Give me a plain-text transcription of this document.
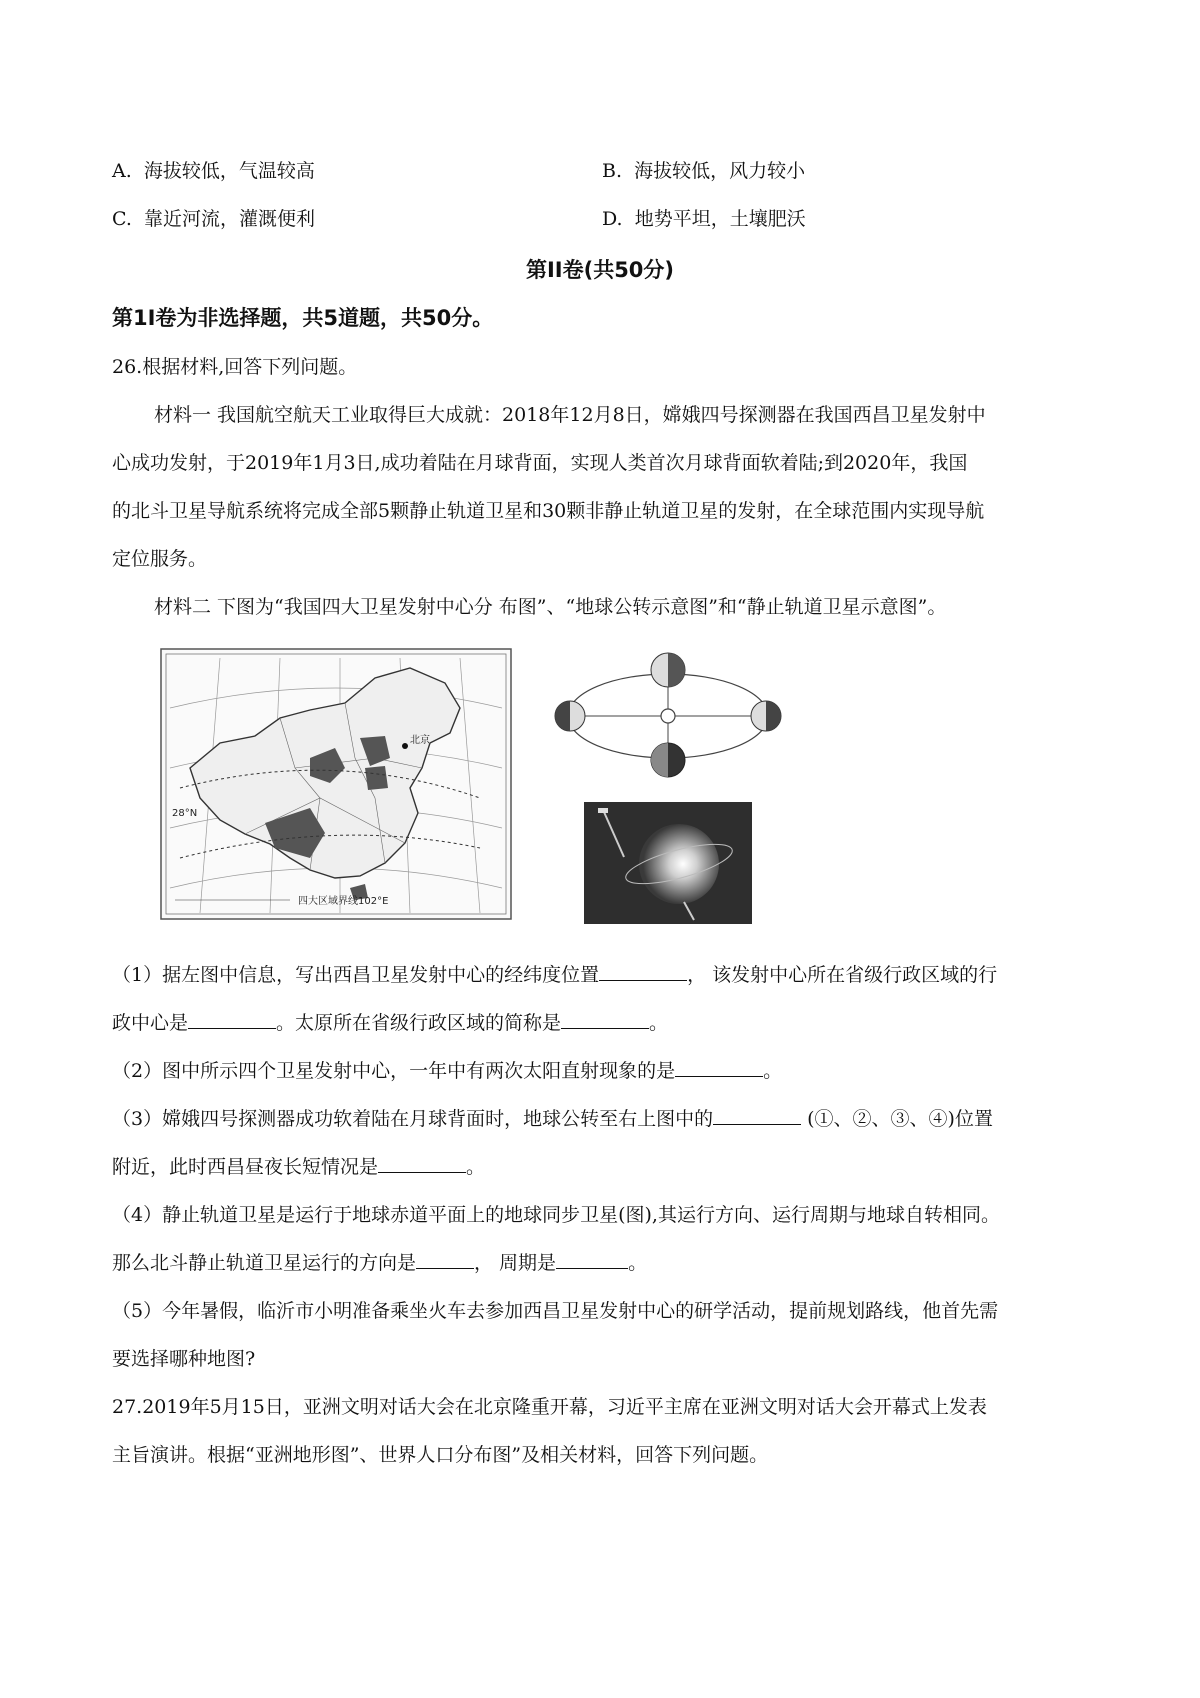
A. 海拔较低，气温较高	B. 海拔较低，风力较小
C. 靠近河流，灌溉便利	D. 地势平坦，土壤肥沃
第II卷(共50分)
第1I卷为非选择题，共5道题，共50分。
26.根据材料,回答下列问题。
材料一 我国航空航天工业取得巨大成就：2018年12月8日，嫦娥四号探测器在我国西昌卫星发射中
心成功发射，于2019年1月3日,成功着陆在月球背面，实现人类首次月球背面软着陆;到2020年，我国
的北斗卫星导航系统将完成全部5颗静止轨道卫星和30颗非静止轨道卫星的发射，在全球范围内实现导航
定位服务。
材料二 下图为“我国四大卫星发射中心分 布图”、“地球公转示意图”和“静止轨道卫星示意图”。
北京
28°N
四大区域界线 102°E
（1）据左图中信息，写出西昌卫星发射中心的经纬度位置	， 该发射中心所在省级行政区域的行
政中心是	。太原所在省级行政区域的简称是	。
（2）图中所示四个卫星发射中心，一年中有两次太阳直射现象的是	。
（3）嫦娥四号探测器成功软着陆在月球背面时，地球公转至右上图中的	(①、②、③、④)位置
附近，此时西昌昼夜长短情况是	。
（4）静止轨道卫星是运行于地球赤道平面上的地球同步卫星(图),其运行方向、运行周期与地球自转相同。
那么北斗静止轨道卫星运行的方向是	， 周期是	。
（5）今年暑假，临沂市小明准备乘坐火车去参加西昌卫星发射中心的研学活动，提前规划路线，他首先需
要选择哪种地图?
27.2019年5月15日，亚洲文明对话大会在北京隆重开幕，习近平主席在亚洲文明对话大会开幕式上发表
主旨演讲。根据“亚洲地形图”、世界人口分布图”及相关材料，回答下列问题。
